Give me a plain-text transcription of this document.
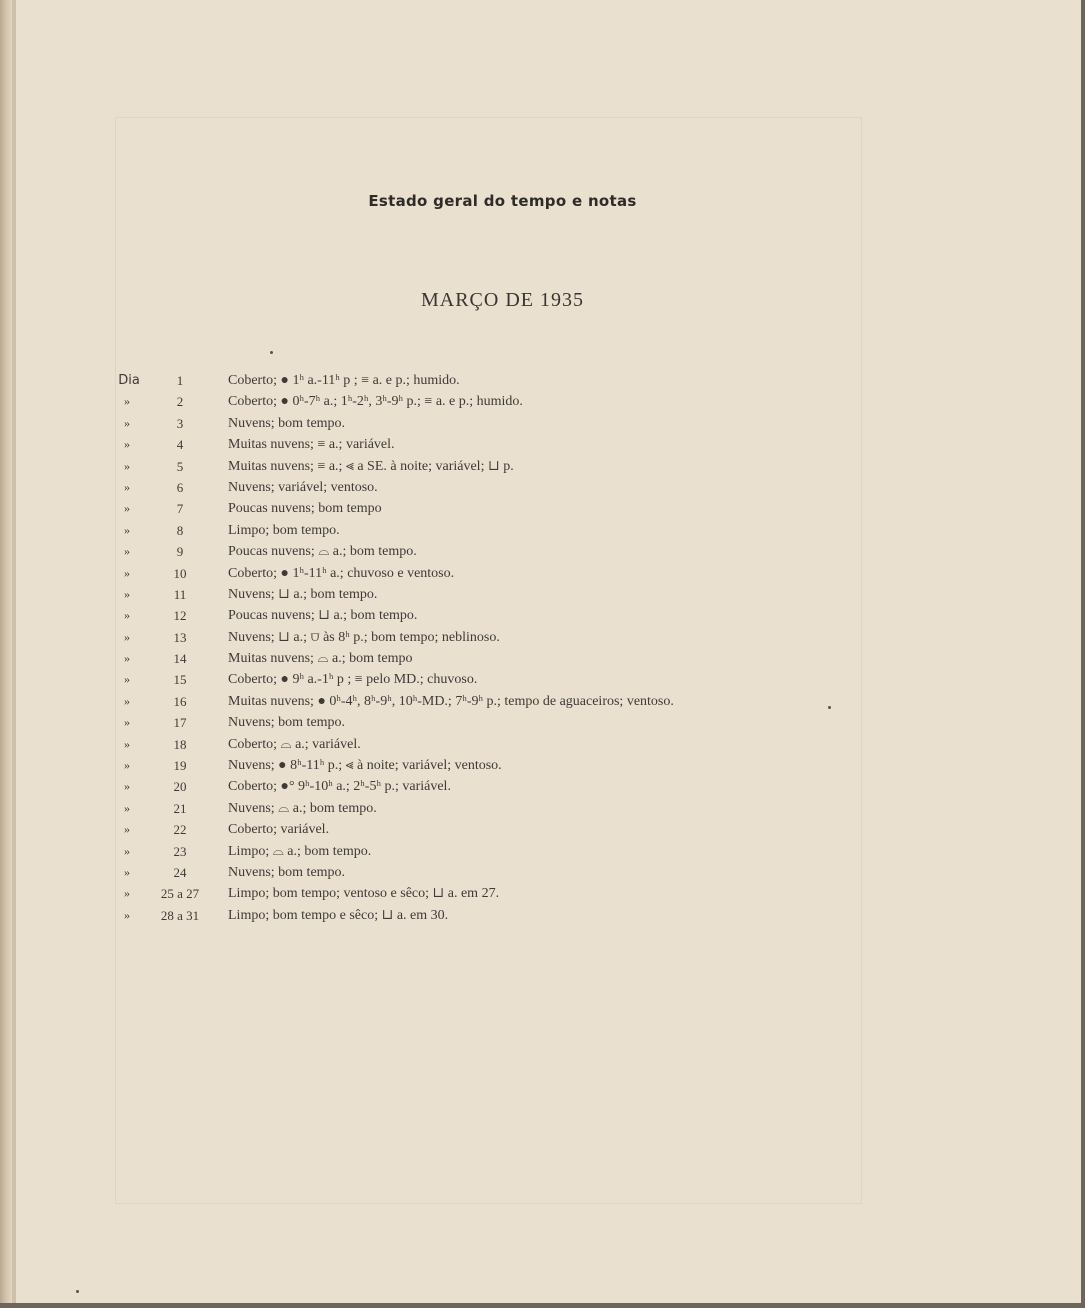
Estado geral do tempo e notas
MARÇO DE 1935
Dia	1	Coberto; ● 1ʰ a.-11ʰ p ; ≡ a. e p.; humido.
»	2	Coberto; ● 0ʰ-7ʰ a.; 1ʰ-2ʰ, 3ʰ-9ʰ p.; ≡ a. e p.; humido.
»	3	Nuvens; bom tempo.
»	4	Muitas nuvens; ≡ a.; variável.
»	5	Muitas nuvens; ≡ a.; ⪡ a SE. à noite; variável; ⊔ p.
»	6	Nuvens; variável; ventoso.
»	7	Poucas nuvens; bom tempo
»	8	Limpo; bom tempo.
»	9	Poucas nuvens; ⌓ a.; bom tempo.
»	10	Coberto; ● 1ʰ-11ʰ a.; chuvoso e ventoso.
»	11	Nuvens; ⊔ a.; bom tempo.
»	12	Poucas nuvens; ⊔ a.; bom tempo.
»	13	Nuvens; ⊔ a.; ⩌ às 8ʰ p.; bom tempo; neblinoso.
»	14	Muitas nuvens; ⌓ a.; bom tempo
»	15	Coberto; ● 9ʰ a.-1ʰ p ; ≡ pelo MD.; chuvoso.
»	16	Muitas nuvens; ● 0ʰ-4ʰ, 8ʰ-9ʰ, 10ʰ-MD.; 7ʰ-9ʰ p.; tempo de aguaceiros; ventoso.
»	17	Nuvens; bom tempo.
»	18	Coberto; ⌓ a.; variável.
»	19	Nuvens; ● 8ʰ-11ʰ p.; ⪡ à noite; variável; ventoso.
»	20	Coberto; ●° 9ʰ-10ʰ a.; 2ʰ-5ʰ p.; variável.
»	21	Nuvens; ⌓ a.; bom tempo.
»	22	Coberto; variável.
»	23	Limpo; ⌓ a.; bom tempo.
»	24	Nuvens; bom tempo.
»	25 a 27	Limpo; bom tempo; ventoso e sêco; ⊔ a. em 27.
»	28 a 31	Limpo; bom tempo e sêco; ⊔ a. em 30.
